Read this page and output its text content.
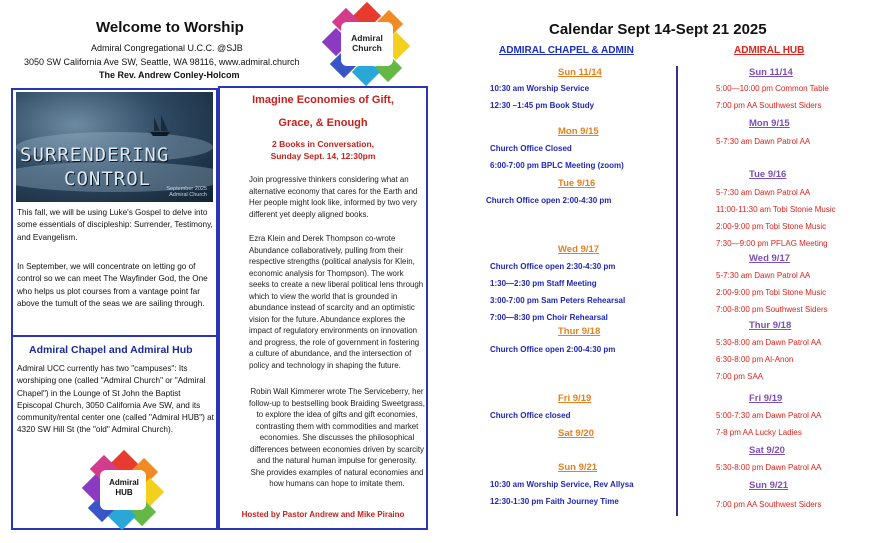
Welcome to Worship
Admiral Congregational U.C.C. @SJB
3050 SW California Ave SW, Seattle, WA 98116, www.admiral.church
The Rev. Andrew Conley-Holcom
Admiral Church
SURRENDERING
CONTROL	September 2025
Admiral Church
This fall, we will be using Luke's Gospel to delve into some essentials of discipleship: Surrender, Testimony, and Evangelism.
In September, we will concentrate on letting go of control so we can meet The Wayfinder God, the One who helps us plot courses from a vantage point far above the tumult of the seas we are sailing through.
Admiral Chapel and Admiral Hub
Admiral UCC currently has two "campuses": Its worshiping one (called "Admiral Church" or "Admiral Chapel") in the Lounge of St John the Baptist Episcopal Church, 3050 California Ave SW, and its community/rental center one (called "Admiral HUB") at 4320 SW Hill St (the "old" Admiral Church).
Admiral HUB
Imagine Economies of Gift,
Grace, & Enough
2 Books in Conversation,
Sunday Sept. 14, 12:30pm
Join progressive thinkers considering what an alternative economy that cares for the Earth and Her people might look like, informed by two very different yet deeply aligned books.
Ezra Klein and Derek Thompson co-wrote Abundance collaboratively, pulling from their respective strengths (political analysis for Klein, economic analysis for Thompson). The work seeks to create a new liberal political lens through which to view the world that is grounded in abundance instead of scarcity and an optimistic vision for the future. Abundance explores the impact of regulatory environments on innovation and progress, the role of government in fostering a culture of abundance, and the intersection of policy and technology in shaping the future.
Robin Wall Kimmerer wrote The Serviceberry, her follow-up to bestselling book Braiding Sweetgrass, to explore the idea of gifts and gift economies, contrasting them with commodities and market economies. She discusses the philosophical differences between economies driven by scarcity and the natural human impulse for generosity. She provides examples of natural economies and how humans can hope to imitate them.
Hosted by Pastor Andrew and Mike Piraino
Calendar Sept 14-Sept 21 2025
ADMIRAL CHAPEL & ADMIN	ADMIRAL HUB
Sun 11/14
10:30 am Worship Service
12:30 –1:45 pm Book Study
Mon 9/15
Church Office Closed
6:00-7:00 pm BPLC Meeting (zoom)
Tue 9/16
Church Office open 2:00-4:30 pm
Wed 9/17
Church Office open 2:30-4:30 pm
1:30—2:30 pm Staff Meeting
3:00-7:00 pm Sam Peters Rehearsal
7:00—8:30 pm Choir Rehearsal
Thur 9/18
Church Office open 2:00-4:30 pm
Fri 9/19
Church Office closed
Sat 9/20
Sun 9/21
10:30 am Worship Service, Rev Allysa
12:30-1:30 pm Faith Journey Time
Sun 11/14
5:00—10:00 pm Common Table
7:00 pm AA Southwest Siders
Mon 9/15
5-7:30 am Dawn Patrol AA
Tue 9/16
5-7:30 am Dawn Patrol AA
11:00-11:30 am Tobi Stonie Music
2:00-9:00 pm Tobi Stone Music
7:30—9:00 pm PFLAG Meeting
Wed 9/17
5-7:30 am Dawn Patrol AA
2:00-9:00 pm Tobi Stone Music
7:00-8:00 pm Southwest Siders
Thur 9/18
5:30-8:00 am Dawn Patrol AA
6:30-8:00 pm Al-Anon
7:00 pm SAA
Fri 9/19
5:00-7:30 am Dawn Patrol AA
7-8 pm AA Lucky Ladies
Sat 9/20
5:30-8:00 pm Dawn Patrol AA
Sun 9/21
7:00 pm AA Southwest Siders
